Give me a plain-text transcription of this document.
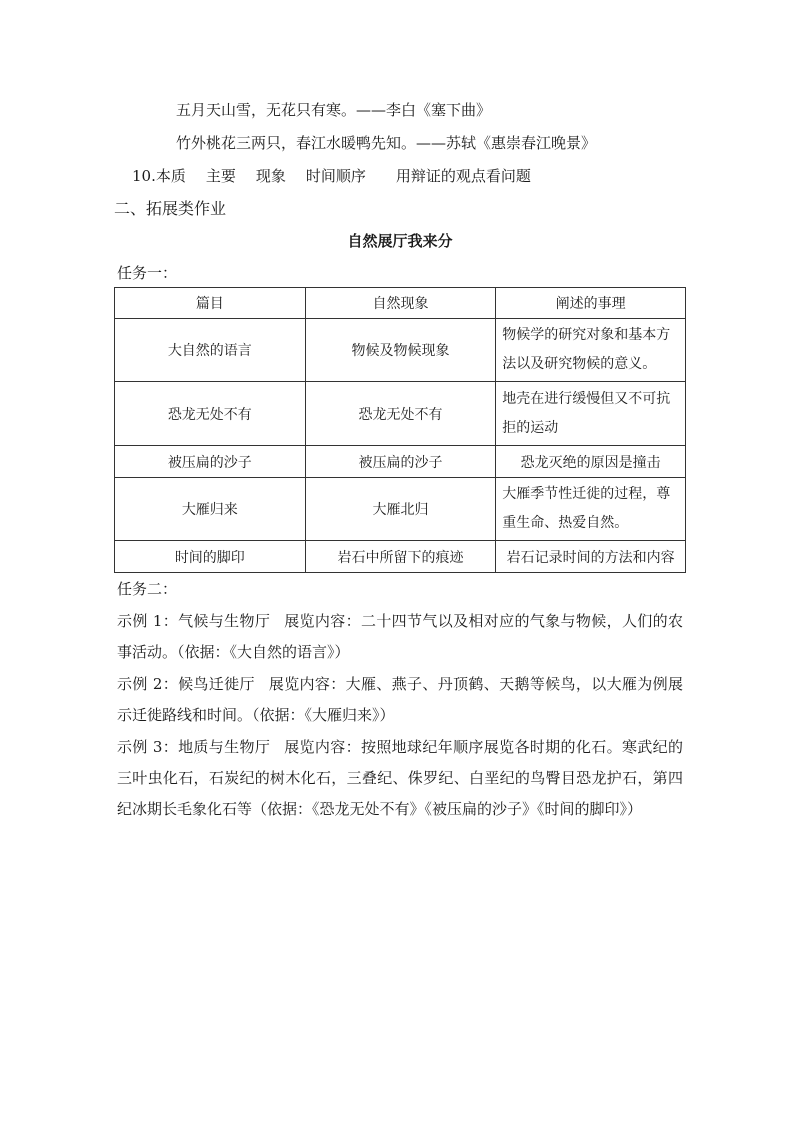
五月天山雪，无花只有寒。——李白《塞下曲》
竹外桃花三两只，春江水暖鸭先知。——苏轼《惠崇春江晚景》
10.本质 主要 现象 时间顺序 用辩证的观点看问题
二、拓展类作业
自然展厅我来分
任务一：
篇目	自然现象	阐述的事理
大自然的语言	物候及物候现象	物候学的研究对象和基本方法以及研究物候的意义。
恐龙无处不有	恐龙无处不有	地壳在进行缓慢但又不可抗拒的运动
被压扁的沙子	被压扁的沙子	恐龙灭绝的原因是撞击
大雁归来	大雁北归	大雁季节性迁徙的过程，尊重生命、热爱自然。
时间的脚印	岩石中所留下的痕迹	岩石记录时间的方法和内容
任务二：
示例 1：气候与生物厅 展览内容：二十四节气以及相对应的气象与物候，人们的农事活动。（依据：《大自然的语言》）
示例 2：候鸟迁徙厅 展览内容：大雁、燕子、丹顶鹤、天鹅等候鸟，以大雁为例展示迁徙路线和时间。（依据：《大雁归来》）
示例 3：地质与生物厅 展览内容：按照地球纪年顺序展览各时期的化石。寒武纪的三叶虫化石，石炭纪的树木化石，三叠纪、侏罗纪、白垩纪的鸟臀目恐龙护石，第四纪冰期长毛象化石等（依据：《恐龙无处不有》《被压扁的沙子》《时间的脚印》）
